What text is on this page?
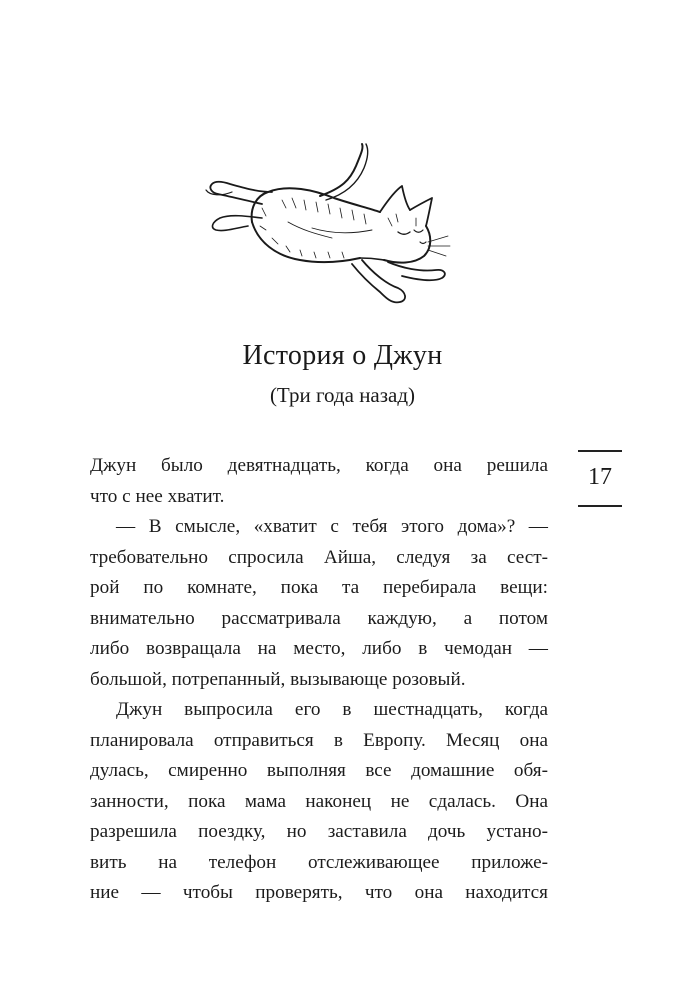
История о Джун
(Три года назад)
17
Джун было девятнадцать, когда она решила
что с нее хватит.
— В смысле, «хватит с тебя этого дома»? —
требовательно спросила Айша, следуя за сест-
рой по комнате, пока та перебирала вещи:
внимательно рассматривала каждую, а потом
либо возвращала на место, либо в чемодан —
большой, потрепанный, вызывающе розовый.
Джун выпросила его в шестнадцать, когда
планировала отправиться в Европу. Месяц она
дулась, смиренно выполняя все домашние обя-
занности, пока мама наконец не сдалась. Она
разрешила поездку, но заставила дочь устано-
вить на телефон отслеживающее приложе-
ние — чтобы проверять, что она находится
